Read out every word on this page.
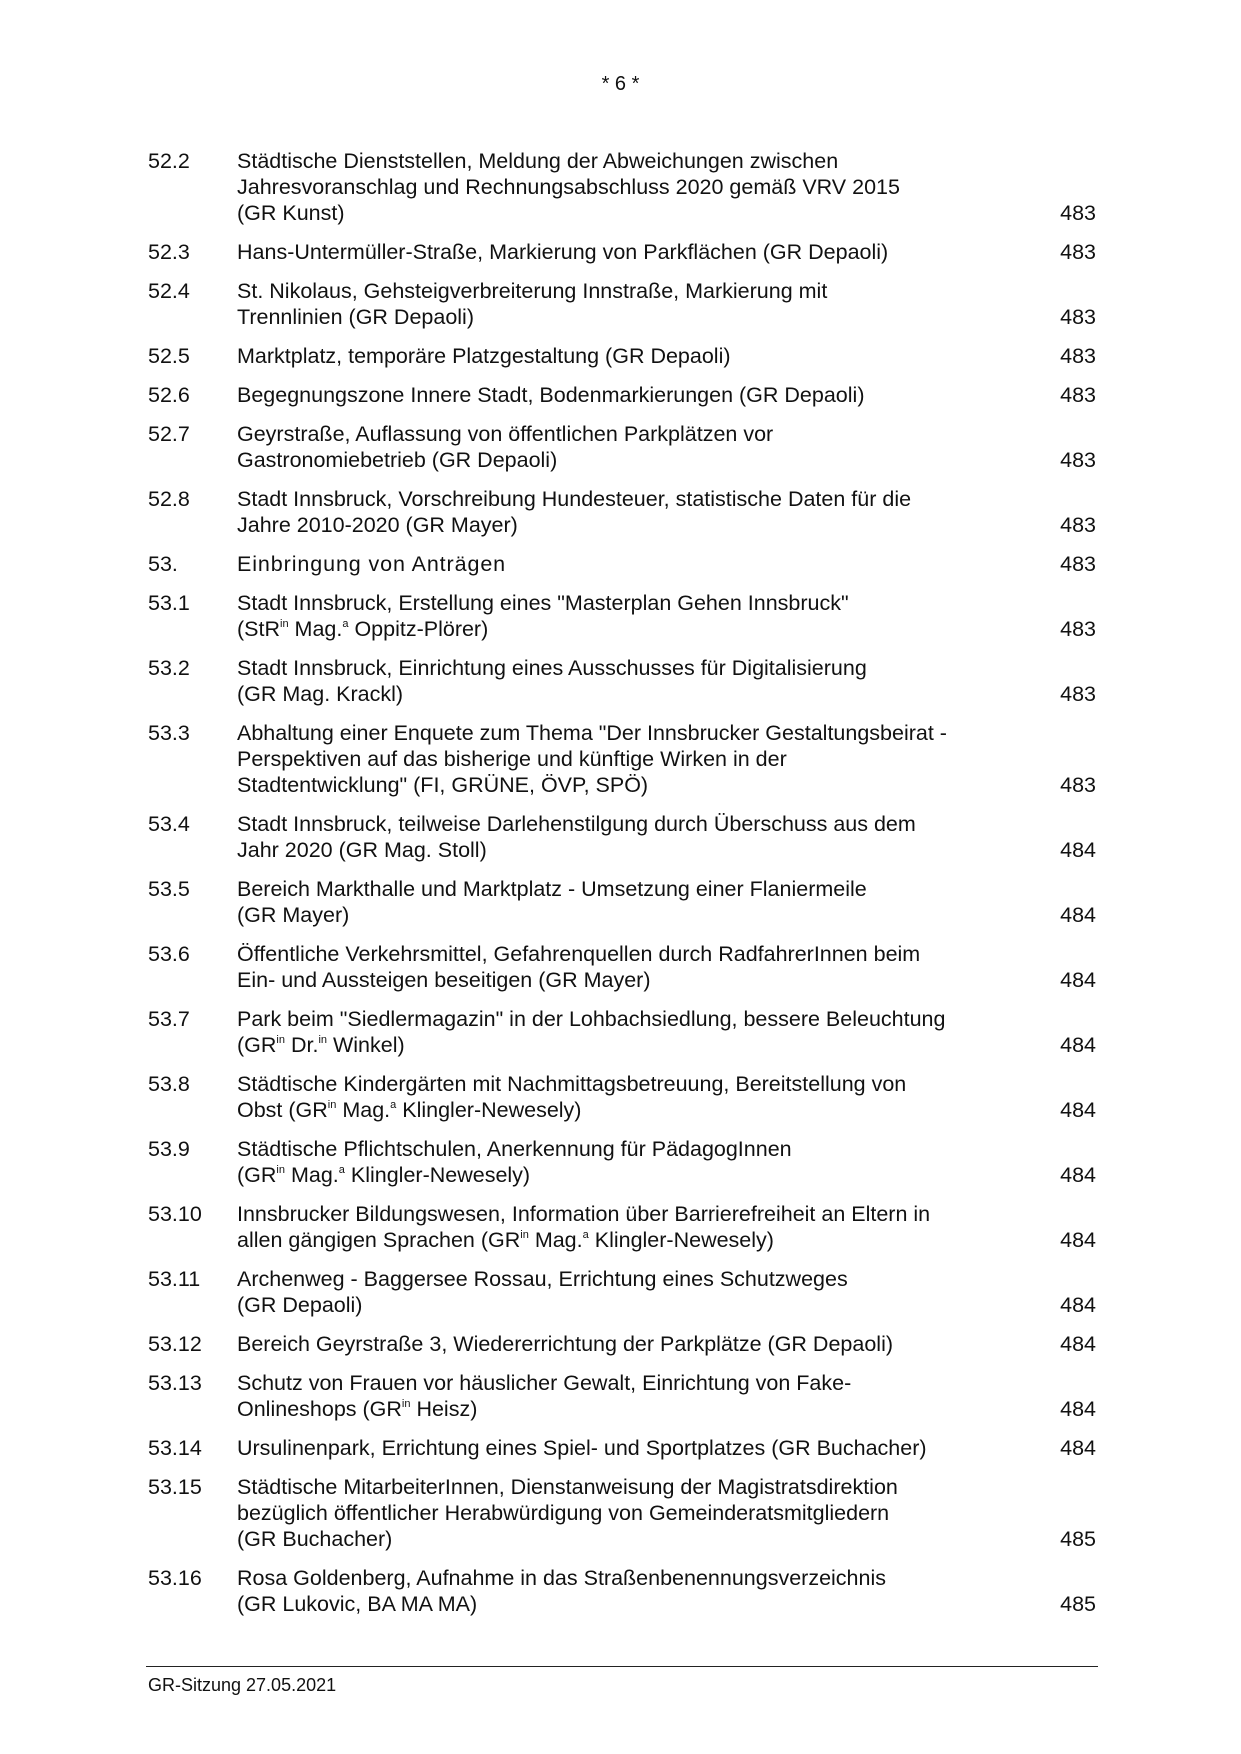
* 6 *
52.2	Städtische Dienststellen, Meldung der Abweichungen zwischen
Jahresvoranschlag und Rechnungsabschluss 2020 gemäß VRV 2015
(GR Kunst)	483
52.3	Hans-Untermüller-Straße, Markierung von Parkflächen (GR Depaoli)	483
52.4	St. Nikolaus, Gehsteigverbreiterung Innstraße, Markierung mit
Trennlinien (GR Depaoli)	483
52.5	Marktplatz, temporäre Platzgestaltung (GR Depaoli)	483
52.6	Begegnungszone Innere Stadt, Bodenmarkierungen (GR Depaoli)	483
52.7	Geyrstraße, Auflassung von öffentlichen Parkplätzen vor
Gastronomiebetrieb (GR Depaoli)	483
52.8	Stadt Innsbruck, Vorschreibung Hundesteuer, statistische Daten für die
Jahre 2010-2020 (GR Mayer)	483
53.	Einbringung von Anträgen	483
53.1	Stadt Innsbruck, Erstellung eines "Masterplan Gehen Innsbruck"
(StR$^{in}$ Mag.$^a$ Oppitz-Plörer)	483
53.2	Stadt Innsbruck, Einrichtung eines Ausschusses für Digitalisierung
(GR Mag. Krackl)	483
53.3	Abhaltung einer Enquete zum Thema "Der Innsbrucker Gestaltungsbeirat -
Perspektiven auf das bisherige und künftige Wirken in der
Stadtentwicklung" (FI, GRÜNE, ÖVP, SPÖ)	483
53.4	Stadt Innsbruck, teilweise Darlehenstilgung durch Überschuss aus dem
Jahr 2020 (GR Mag. Stoll)	484
53.5	Bereich Markthalle und Marktplatz - Umsetzung einer Flaniermeile
(GR Mayer)	484
53.6	Öffentliche Verkehrsmittel, Gefahrenquellen durch RadfahrerInnen beim
Ein- und Aussteigen beseitigen (GR Mayer)	484
53.7	Park beim "Siedlermagazin" in der Lohbachsiedlung, bessere Beleuchtung
($GR^{in}$ Dr.$^{in}$ Winkel)	484
53.8	Städtische Kindergärten mit Nachmittagsbetreuung, Bereitstellung von
Obst ($GR^{in}$ Mag.$^a$ Klingler-Newesely)	484
53.9	Städtische Pflichtschulen, Anerkennung für PädagogInnen
($GR^{in}$ Mag.$^a$ Klingler-Newesely)	484
53.10	Innsbrucker Bildungswesen, Information über Barrierefreiheit an Eltern in
allen gängigen Sprachen ($GR^{in}$ Mag.$^a$ Klingler-Newesely)	484
53.11	Archenweg - Baggersee Rossau, Errichtung eines Schutzweges
(GR Depaoli)	484
53.12	Bereich Geyrstraße 3, Wiedererrichtung der Parkplätze (GR Depaoli)	484
53.13	Schutz von Frauen vor häuslicher Gewalt, Einrichtung von Fake-
Onlineshops ($GR^{in}$ Heisz)	484
53.14	Ursulinenpark, Errichtung eines Spiel- und Sportplatzes (GR Buchacher)	484
53.15	Städtische MitarbeiterInnen, Dienstanweisung der Magistratsdirektion
bezüglich öffentlicher Herabwürdigung von Gemeinderatsmitgliedern
(GR Buchacher)	485
53.16	Rosa Goldenberg, Aufnahme in das Straßenbenennungsverzeichnis
(GR Lukovic, BA MA MA)	485
GR-Sitzung 27.05.2021
